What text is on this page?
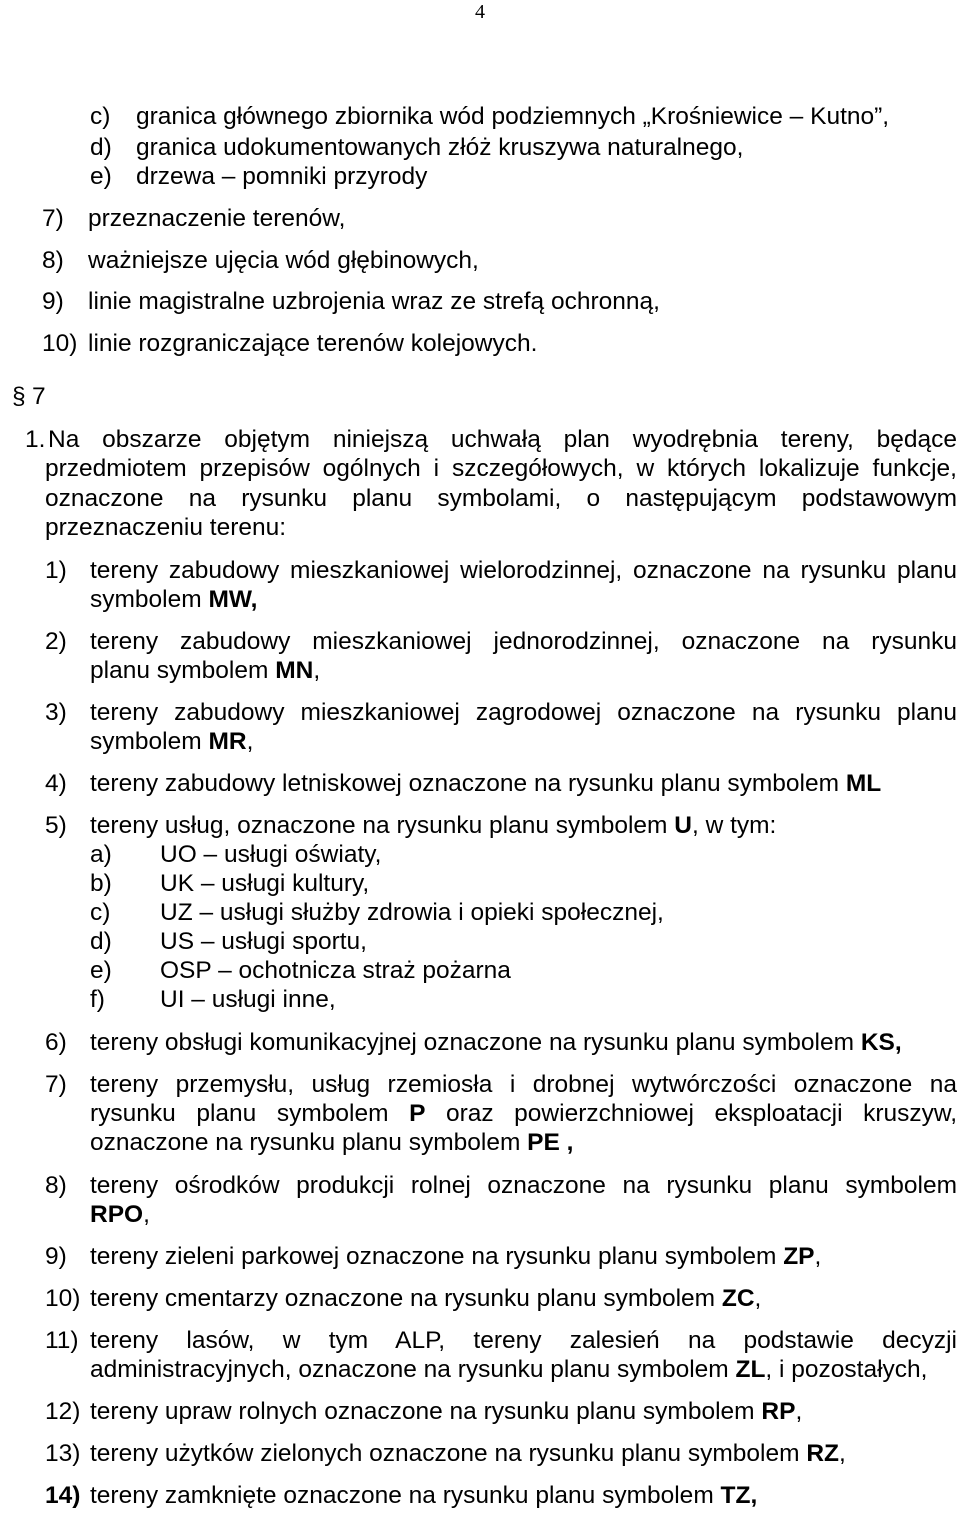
4
c) granica głównego zbiornika wód podziemnych „Krośniewice – Kutno”,
d) granica udokumentowanych złóż kruszywa naturalnego,
e) drzewa – pomniki przyrody
7) przeznaczenie terenów,
8) ważniejsze ujęcia wód głębinowych,
9) linie magistralne uzbrojenia wraz ze strefą ochronną,
10) linie rozgraniczające terenów kolejowych.
§ 7
1. Na obszarze objętym niniejszą uchwałą plan wyodrębnia tereny, będące
przedmiotem przepisów ogólnych i szczegółowych, w których lokalizuje funkcje,
oznaczone na rysunku planu symbolami, o następującym podstawowym
przeznaczeniu terenu:
1) tereny zabudowy mieszkaniowej wielorodzinnej, oznaczone na rysunku planu
symbolem MW,
2) tereny zabudowy mieszkaniowej jednorodzinnej, oznaczone na rysunku
planu symbolem MN,
3) tereny zabudowy mieszkaniowej zagrodowej oznaczone na rysunku planu
symbolem MR,
4) tereny zabudowy letniskowej oznaczone na rysunku planu symbolem ML
5) tereny usług, oznaczone na rysunku planu symbolem U, w tym:
a) UO – usługi oświaty,
b) UK – usługi kultury,
c) UZ – usługi służby zdrowia i opieki społecznej,
d) US – usługi sportu,
e) OSP – ochotnicza straż pożarna
f) UI – usługi inne,
6) tereny obsługi komunikacyjnej oznaczone na rysunku planu symbolem KS,
7) tereny przemysłu, usług rzemiosła i drobnej wytwórczości oznaczone na
rysunku planu symbolem P oraz powierzchniowej eksploatacji kruszyw,
oznaczone na rysunku planu symbolem PE ,
8) tereny ośrodków produkcji rolnej oznaczone na rysunku planu symbolem
RPO,
9) tereny zieleni parkowej oznaczone na rysunku planu symbolem ZP,
10) tereny cmentarzy oznaczone na rysunku planu symbolem ZC,
11) tereny lasów, w tym ALP, tereny zalesień na podstawie decyzji
administracyjnych, oznaczone na rysunku planu symbolem ZL, i pozostałych,
12) tereny upraw rolnych oznaczone na rysunku planu symbolem RP,
13) tereny użytków zielonych oznaczone na rysunku planu symbolem RZ,
14) tereny zamknięte oznaczone na rysunku planu symbolem TZ,
